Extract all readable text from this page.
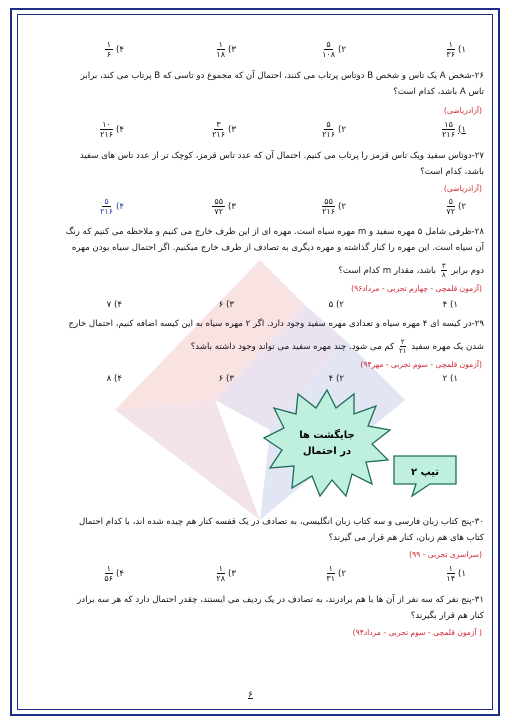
۱)
$\frac{۱}{۳۶}$
۲)
$\frac{۵}{۱۰۸}$
۳)
$\frac{۱}{۱۸}$
۴)
$\frac{۱}{۶}$
۲۶-شخص A یک تاس و شخص B دوتاس پرتاب می کنند، احتمال آن که مجموع دو تاسی که B پرتاب می کند، برابر
تاس A باشد، کدام است؟
(آزادریاضی)
۱)
$\frac{۱۵}{۲۱۶}$
۲)
$\frac{۵}{۲۱۶}$
۳)
$\frac{۳}{۲۱۶}$
۴)
$\frac{۱۰}{۲۱۶}$
۲۷-دوتاس سفید ویک تاس قرمز را پرتاب می کنیم. احتمال آن که عدد تاس قرمز، کوچک تر از عدد تاس های سفید
باشد، کدام است؟
(آزادریاضی)
۲)
$\frac{۵}{۷۲}$
۲)
$\frac{۵۵}{۲۱۶}$
۳)
$\frac{۵۵}{۷۲}$
۴)
$\frac{۵}{۲۱۶}$
۲۸-ظرفی شامل ۵ مهره سفید و m مهره سیاه است. مهره ای از این ظرف خارج می کنیم و ملاحظه می کنیم که رنگ
آن سیاه است. این مهره را کنار گذاشته و مهره دیگری به تصادف از ظرف خارج میکنیم. اگر احتمال سیاه بودن مهره
دوم برابر
$\frac{۳}{۸}$
باشد، مقدار m کدام است؟
(آزمون قلمچی - چهارم تجربی - مرداد۹۶)
۱) ۴
۲) ۵
۳) ۶
۴) ۷
۲۹-در کیسه ای ۴ مهره سیاه و تعدادی مهره سفید وجود دارد. اگر ۲ مهره سیاه به این کیسه اضافه کنیم، احتمال خارج
شدن یک مهره سفید
$\frac{۲}{۲۱}$
کم می شود. چند مهره سفید می تواند وجود داشته باشد؟
(آزمون قلمچی - سوم تجربی - مهر۹۴)
۱) ۲
۲) ۴
۳) ۶
۴) ۸
جایگشت ها
در احتمال
تیپ ۲
۳۰-پنج کتاب زبان فارسی و سه کتاب زبان انگلیسی، به تصادف در یک قفسه کنار هم چیده شده اند، با کدام احتمال
کتاب های هم زبان، کنار هم قرار می گیرند؟
(سراسری تجربی - ۹۹)
۱)
$\frac{۱}{۱۴}$
۲)
$\frac{۱}{۳۱}$
۳)
$\frac{۱}{۲۸}$
۴)
$\frac{۱}{۵۶}$
۳۱-پنج نفر که سه نفر از آن ها با هم برادرند، به تصادف در یک ردیف می ایستند، چقدر احتمال دارد که هر سه برادر
کنار هم قرار بگیرند؟
( آزمون قلمچی - سوم تجربی - مرداد۹۴)
۶
